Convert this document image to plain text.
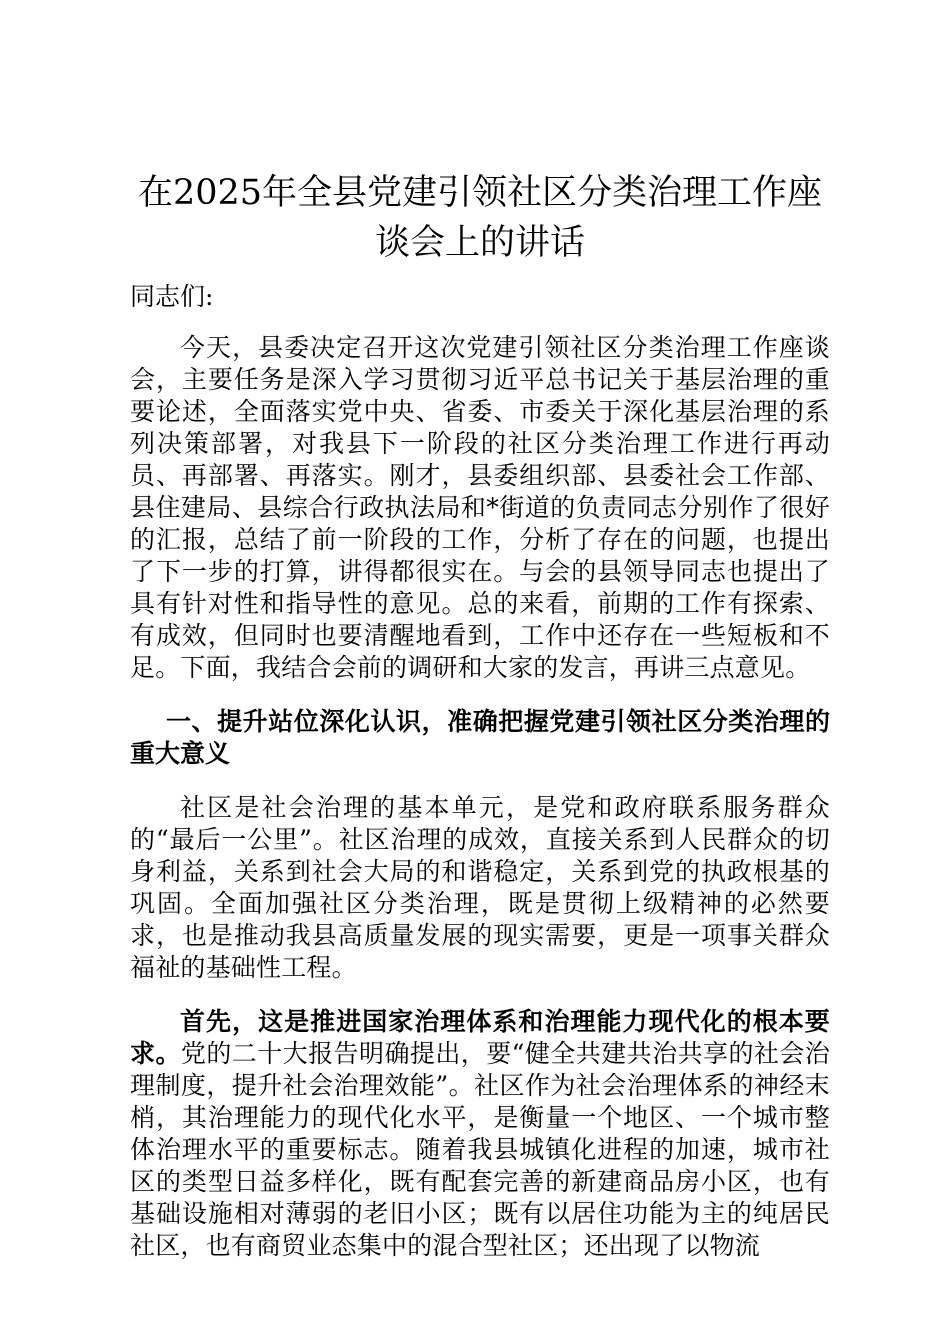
在2025年全县党建引领社区分类治理工作座
谈会上的讲话

同志们:

今天，县委决定召开这次党建引领社区分类治理工作座谈会，主要任务是深入学习贯彻习近平总书记关于基层治理的重要论述，全面落实党中央、省委、市委关于深化基层治理的系列决策部署，对我县下一阶段的社区分类治理工作进行再动员、再部署、再落实。刚才，县委组织部、县委社会工作部、县住建局、县综合行政执法局和*街道的负责同志分别作了很好的汇报，总结了前一阶段的工作，分析了存在的问题，也提出了下一步的打算，讲得都很实在。与会的县领导同志也提出了具有针对性和指导性的意见。总的来看，前期的工作有探索、有成效，但同时也要清醒地看到，工作中还存在一些短板和不足。下面，我结合会前的调研和大家的发言，再讲三点意见。

一、提升站位深化认识，准确把握党建引领社区分类治理的重大意义

社区是社会治理的基本单元，是党和政府联系服务群众的“最后一公里”。社区治理的成效，直接关系到人民群众的切身利益，关系到社会大局的和谐稳定，关系到党的执政根基的巩固。全面加强社区分类治理，既是贯彻上级精神的必然要求，也是推动我县高质量发展的现实需要，更是一项事关群众福祉的基础性工程。

首先，这是推进国家治理体系和治理能力现代化的根本要求。党的二十大报告明确提出，要“健全共建共治共享的社会治理制度，提升社会治理效能”。社区作为社会治理体系的神经末梢，其治理能力的现代化水平，是衡量一个地区、一个城市整体治理水平的重要标志。随着我县城镇化进程的加速，城市社区的类型日益多样化，既有配套完善的新建商品房小区，也有基础设施相对薄弱的老旧小区；既有以居住功能为主的纯居民社区，也有商贸业态集中的混合型社区；还出现了以物流
